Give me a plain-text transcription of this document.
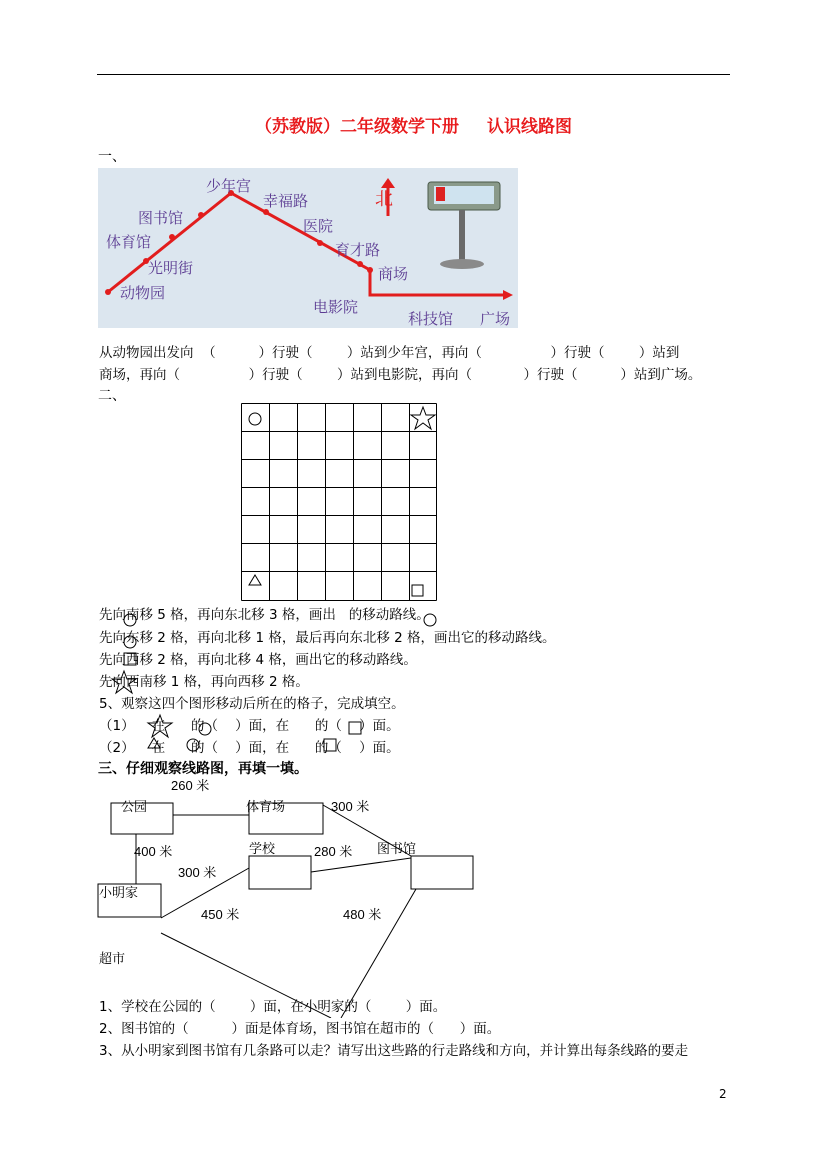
（苏教版）二年级数学下册 认识线路图
一、
少年宫
幸福路
图书馆	医院
体育馆	育才路
光明街	商场
动物园
电影院
科技馆 广场
北
从动物园出发向  （          ）行驶（        ）站到少年宫，再向（                ）行驶（        ）站到
商场，再向（                ）行驶（        ）站到电影院，再向（            ）行驶（          ）站到广场。
二、
先向南移 5 格，再向东北移 3 格，画出   的移动路线。
先向东移 2 格，再向北移 1 格，最后再向东北移 2 格，画出它的移动路线。
先向西移 2 格，再向北移 4 格，画出它的移动路线。
先向西南移 1 格，再向西移 2 格。
5、观察这四个图形移动后所在的格子，完成填空。
（1）    在      的（    ）面，在      的（    ）面。
（2）    在      的（    ）面，在      的（    ）面。
三、仔细观察线路图，再填一填。
公园	体育场
学校	图书馆
小明家
超市
260 米
300 米
400 米	280 米
300 米
450 米	480 米
1、学校在公园的（        ）面，在小明家的（        ）面。
2、图书馆的（          ）面是体育场，图书馆在超市的（      ）面。
3、从小明家到图书馆有几条路可以走？请写出这些路的行走路线和方向，并计算出每条线路的要走
2
